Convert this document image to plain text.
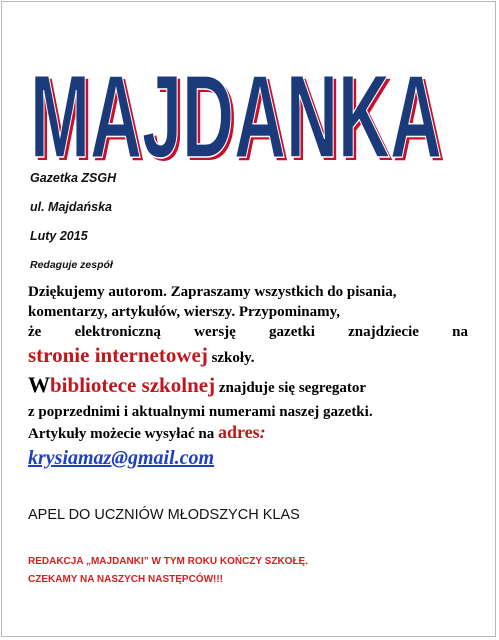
MAJDANKA
MAJDANKA
Gazetka ZSGH
ul. Majdańska
Luty 2015
Redaguje zespół
Dziękujemy autorom. Zapraszamy wszystkich do pisania,
komentarzy, artykułów, wierszy. Przypominamy,
że elektroniczną wersję gazetki znajdziecie na
stronie internetowej szkoły.
Wbibliotece szkolnej znajduje się segregator
z poprzednimi i aktualnymi numerami naszej gazetki.
Artykuły możecie wysyłać na adres:
krysiamaz@gmail.com
APEL DO UCZNIÓW MŁODSZYCH KLAS
REDAKCJA „MAJDANKI” W TYM ROKU KOŃCZY SZKOŁĘ.
CZEKAMY NA NASZYCH NASTĘPCÓW!!!
